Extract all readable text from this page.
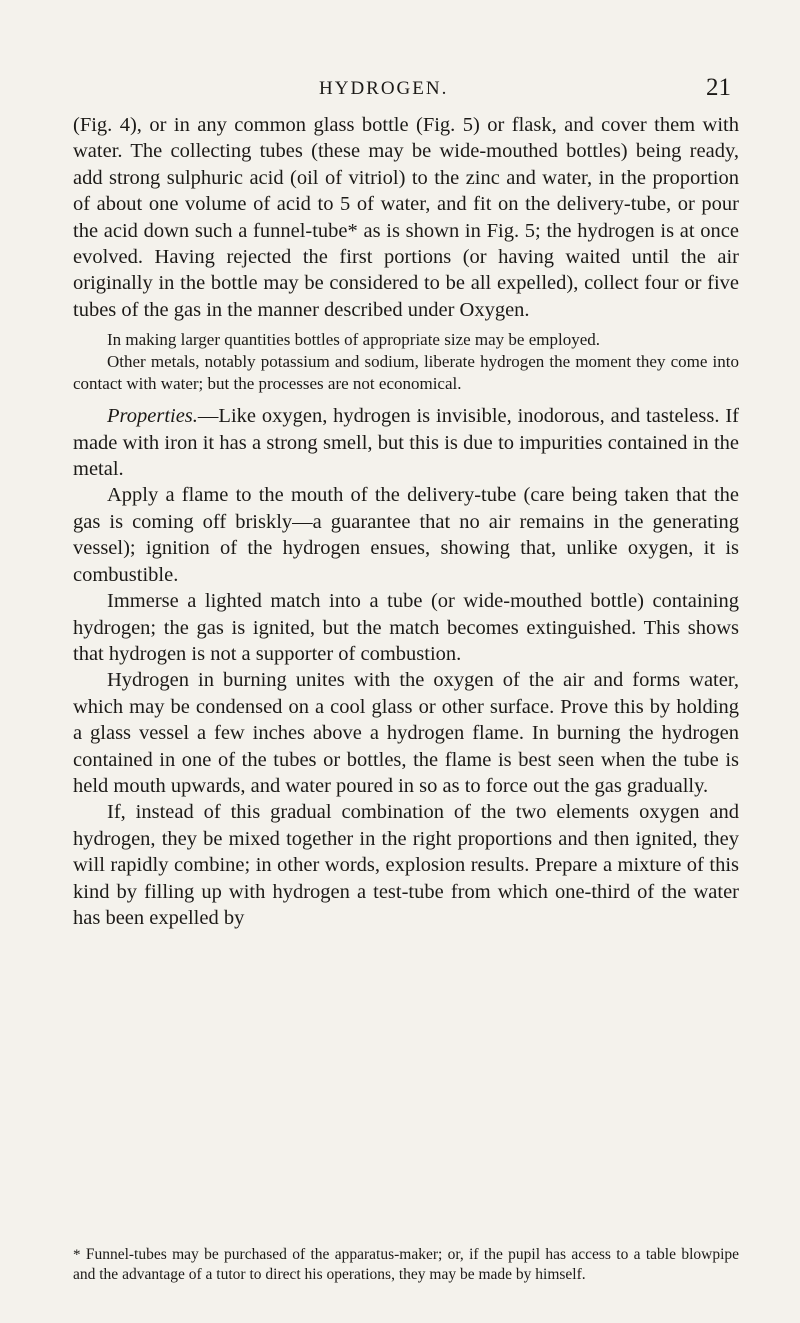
HYDROGEN.	21

(Fig. 4), or in any common glass bottle (Fig. 5) or flask, and cover them with water. The collecting tubes (these may be wide-mouthed bottles) being ready, add strong sulphuric acid (oil of vitriol) to the zinc and water, in the proportion of about one volume of acid to 5 of water, and fit on the delivery-tube, or pour the acid down such a funnel-tube* as is shown in Fig. 5; the hydrogen is at once evolved. Having rejected the first portions (or having waited until the air originally in the bottle may be considered to be all expelled), collect four or five tubes of the gas in the manner described under Oxygen.

In making larger quantities bottles of appropriate size may be employed.

Other metals, notably potassium and sodium, liberate hydrogen the moment they come into contact with water; but the processes are not economical.

Properties.—Like oxygen, hydrogen is invisible, inodorous, and tasteless. If made with iron it has a strong smell, but this is due to impurities contained in the metal.

Apply a flame to the mouth of the delivery-tube (care being taken that the gas is coming off briskly—a guarantee that no air remains in the generating vessel); ignition of the hydrogen ensues, showing that, unlike oxygen, it is combustible.

Immerse a lighted match into a tube (or wide-mouthed bottle) containing hydrogen; the gas is ignited, but the match becomes extinguished. This shows that hydrogen is not a supporter of combustion.

Hydrogen in burning unites with the oxygen of the air and forms water, which may be condensed on a cool glass or other surface. Prove this by holding a glass vessel a few inches above a hydrogen flame. In burning the hydrogen contained in one of the tubes or bottles, the flame is best seen when the tube is held mouth upwards, and water poured in so as to force out the gas gradually.

If, instead of this gradual combination of the two elements oxygen and hydrogen, they be mixed together in the right proportions and then ignited, they will rapidly combine; in other words, explosion results. Prepare a mixture of this kind by filling up with hydrogen a test-tube from which one-third of the water has been expelled by

* Funnel-tubes may be purchased of the apparatus-maker; or, if the pupil has access to a table blowpipe and the advantage of a tutor to direct his operations, they may be made by himself.
